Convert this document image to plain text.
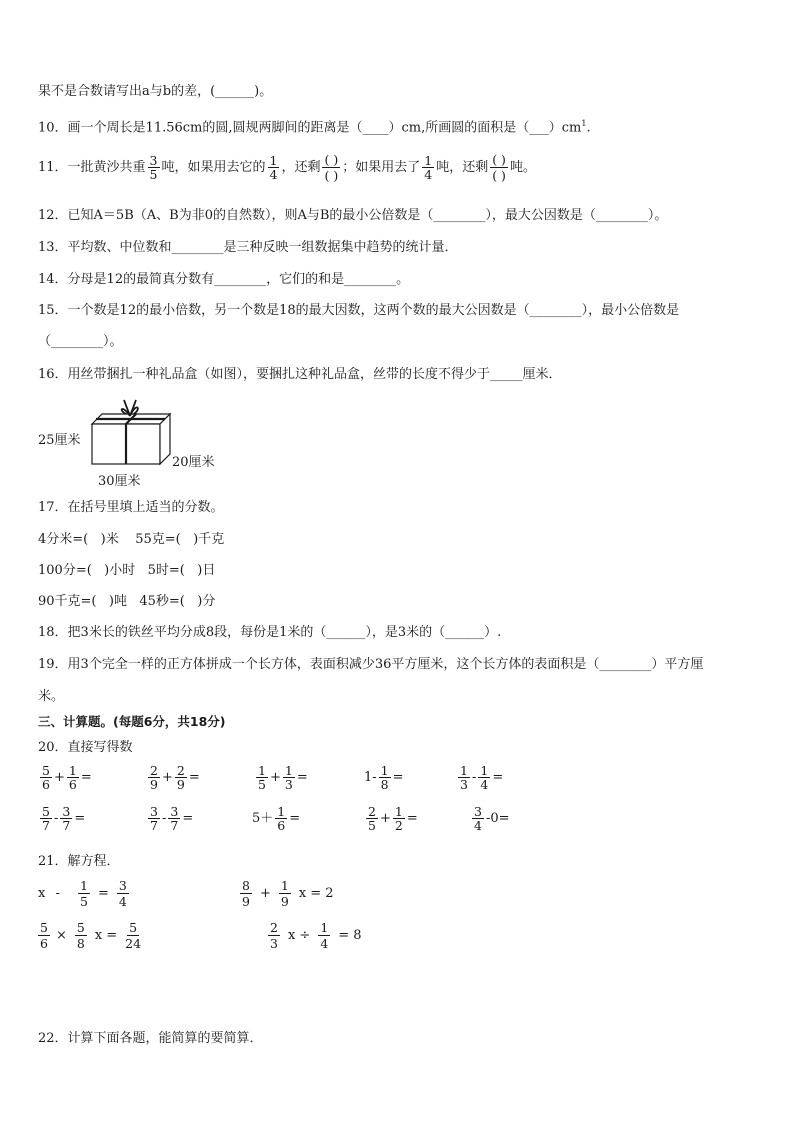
果不是合数请写出a与b的差，(______)。
10．画一个周长是11.56cm的圆,圆规两脚间的距离是（____）cm,所画圆的面积是$(\_\_\_)cm^1$.
11．一批黄沙共重 $\frac{3}{5}$ 吨，如果用去它的 $\frac{1}{4}$ ，还剩
( )
( )
；如果用去了 $\frac{1}{4}$ 吨，还剩
( )
( )
吨。
12．已知A＝5B（A、B为非0的自然数），则A与B的最小公倍数是（________），最大公因数是（________）。
13．平均数、中位数和________是三种反映一组数据集中趋势的统计量．
14．分母是12的最简真分数有________，它们的和是________。
15．一个数是12的最小倍数，另一个数是18的最大因数，这两个数的最大公因数是（________），最小公倍数是
（________）。
16．用丝带捆扎一种礼品盒（如图），要捆扎这种礼品盒，丝带的长度不得少于_____厘米．
25厘米
20厘米
30厘米
17．在括号里填上适当的分数。
4分米=(   )米    55克=(   )千克
100分=(   )小时   5时=(   )日
90千克=(   )吨   45秒=(   )分
18．把3米长的铁丝平均分成8段，每份是1米的（______），是3米的（______）.
19．用3个完全一样的正方体拼成一个长方体，表面积减少36平方厘米，这个长方体的表面积是（________）平方厘
米。
三、计算题。(每题6分，共18分)
20．直接写得数
$\frac{5}{6} + \frac{1}{6}$ =	$\frac{2}{9} + \frac{2}{9}$ =	$\frac{1}{5} + \frac{1}{3}$ =	$1- \frac{1}{8}$ =	$\frac{1}{3} - \frac{1}{4}$ =
$\frac{5}{7} - \frac{3}{7}$ =	$\frac{3}{7} - \frac{3}{7}$ =	$5+ \frac{1}{6}$ =	$\frac{2}{5} + \frac{1}{2}$ =	$\frac{3}{4} -0=$
21．解方程．
$x - \frac{1}{5} = \frac{3}{4}$	$\frac{8}{9} + \frac{1}{9}$ x = 2
$\frac{5}{6} \times \frac{5}{8}$ $x = \frac{5}{24}$	$\frac{2}{3}$ $x \div \frac{1}{4} = 8$
22．计算下面各题，能简算的要简算．
